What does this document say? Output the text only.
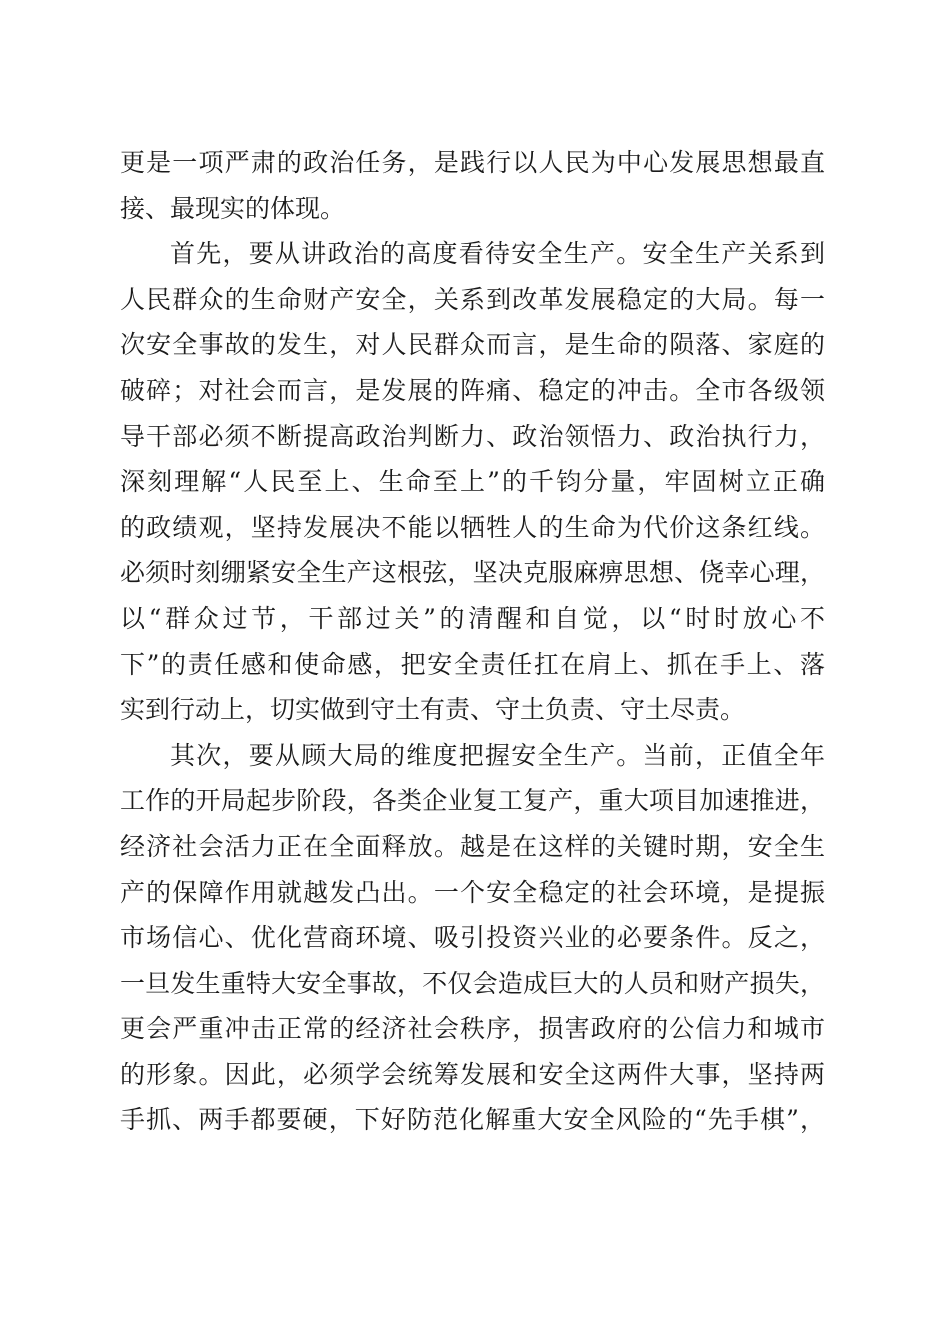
更是一项严肃的政治任务，是践行以人民为中心发展思想最直
接、最现实的体现。
首先，要从讲政治的高度看待安全生产。安全生产关系到
人民群众的生命财产安全，关系到改革发展稳定的大局。每一
次安全事故的发生，对人民群众而言，是生命的陨落、家庭的
破碎；对社会而言，是发展的阵痛、稳定的冲击。全市各级领
导干部必须不断提高政治判断力、政治领悟力、政治执行力，
深刻理解“人民至上、生命至上”的千钧分量，牢固树立正确
的政绩观，坚持发展决不能以牺牲人的生命为代价这条红线。
必须时刻绷紧安全生产这根弦，坚决克服麻痹思想、侥幸心理，
以“群众过节，干部过关”的清醒和自觉，以“时时放心不
下”的责任感和使命感，把安全责任扛在肩上、抓在手上、落
实到行动上，切实做到守土有责、守土负责、守土尽责。
其次，要从顾大局的维度把握安全生产。当前，正值全年
工作的开局起步阶段，各类企业复工复产，重大项目加速推进，
经济社会活力正在全面释放。越是在这样的关键时期，安全生
产的保障作用就越发凸出。一个安全稳定的社会环境，是提振
市场信心、优化营商环境、吸引投资兴业的必要条件。反之，
一旦发生重特大安全事故，不仅会造成巨大的人员和财产损失，
更会严重冲击正常的经济社会秩序，损害政府的公信力和城市
的形象。因此，必须学会统筹发展和安全这两件大事，坚持两
手抓、两手都要硬，下好防范化解重大安全风险的“先手棋”，
